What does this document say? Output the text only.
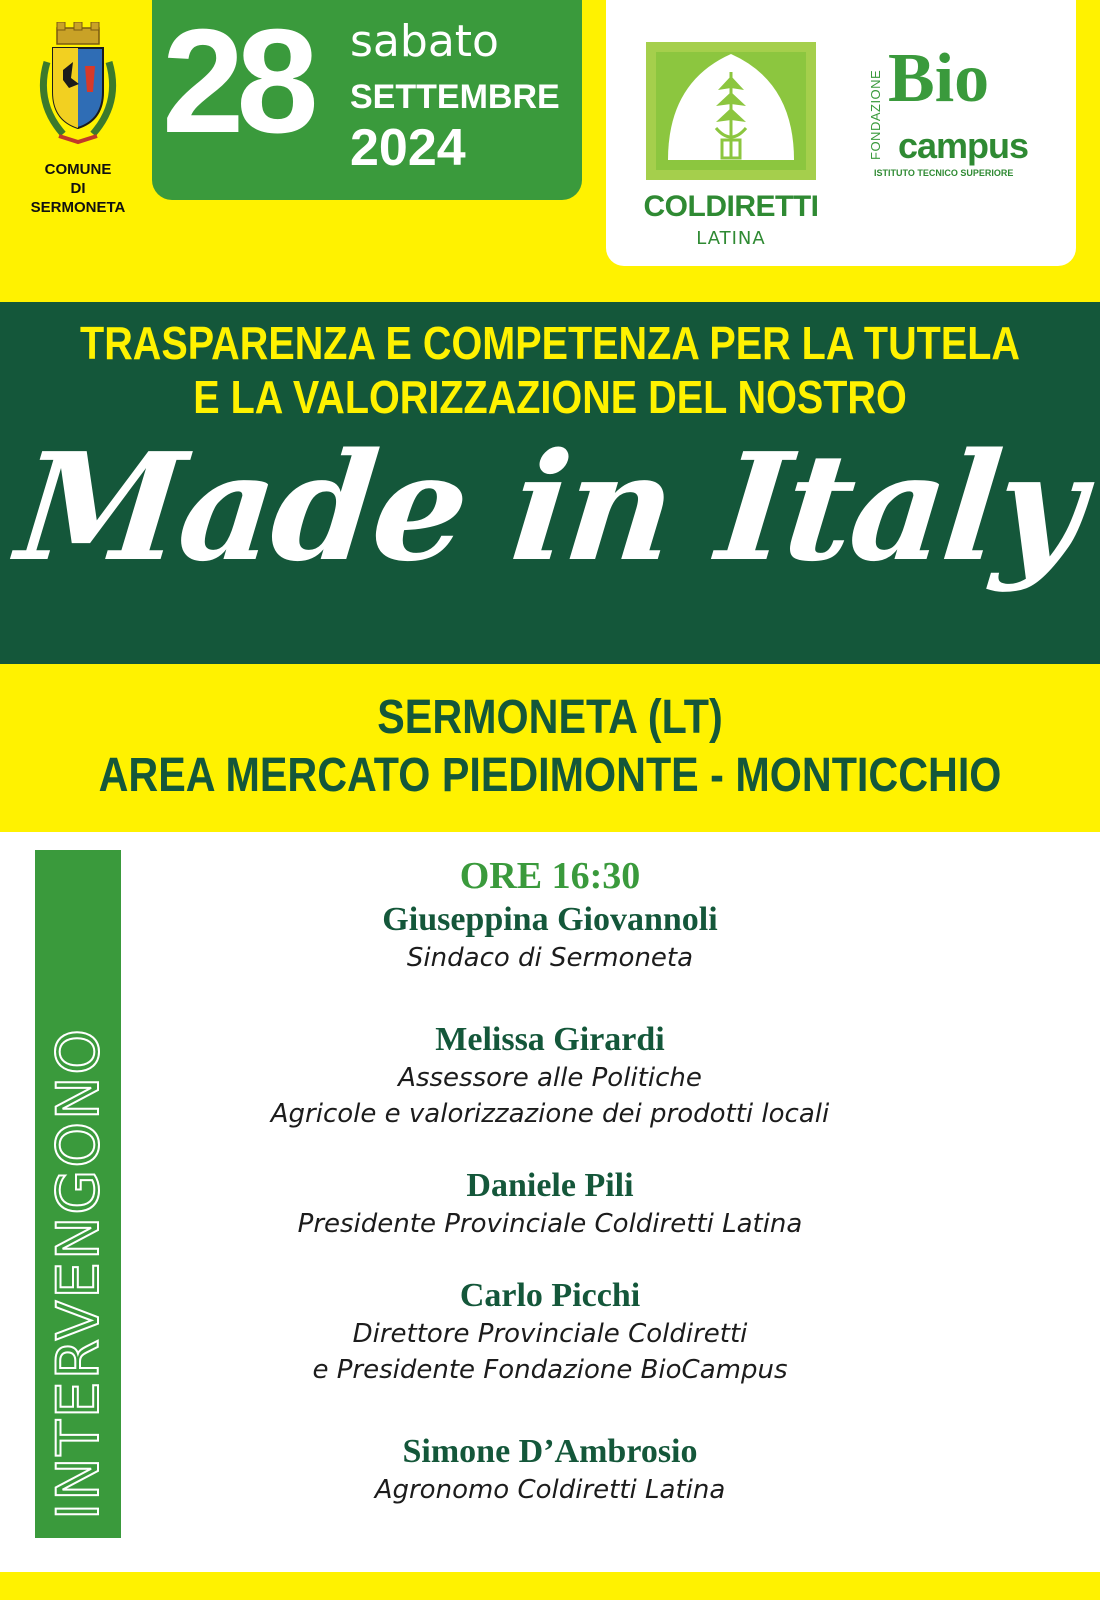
COMUNE
DI SERMONETA
28 sabato
SETTEMBRE
2024
COLDIRETTI
LATINA
FONDAZIONE Bio
campus
ISTITUTO TECNICO SUPERIORE
TRASPARENZA E COMPETENZA PER LA TUTELA
E LA VALORIZZAZIONE DEL NOSTRO
Made in Italy
SERMONETA (LT)
AREA MERCATO PIEDIMONTE - MONTICCHIO
INTERVENGONO
ORE 16:30
Giuseppina Giovannoli
Sindaco di Sermoneta
Melissa Girardi
Assessore alle Politiche
Agricole e valorizzazione dei prodotti locali
Daniele Pili
Presidente Provinciale Coldiretti Latina
Carlo Picchi
Direttore Provinciale Coldiretti
e Presidente Fondazione BioCampus
Simone D’Ambrosio
Agronomo Coldiretti Latina
